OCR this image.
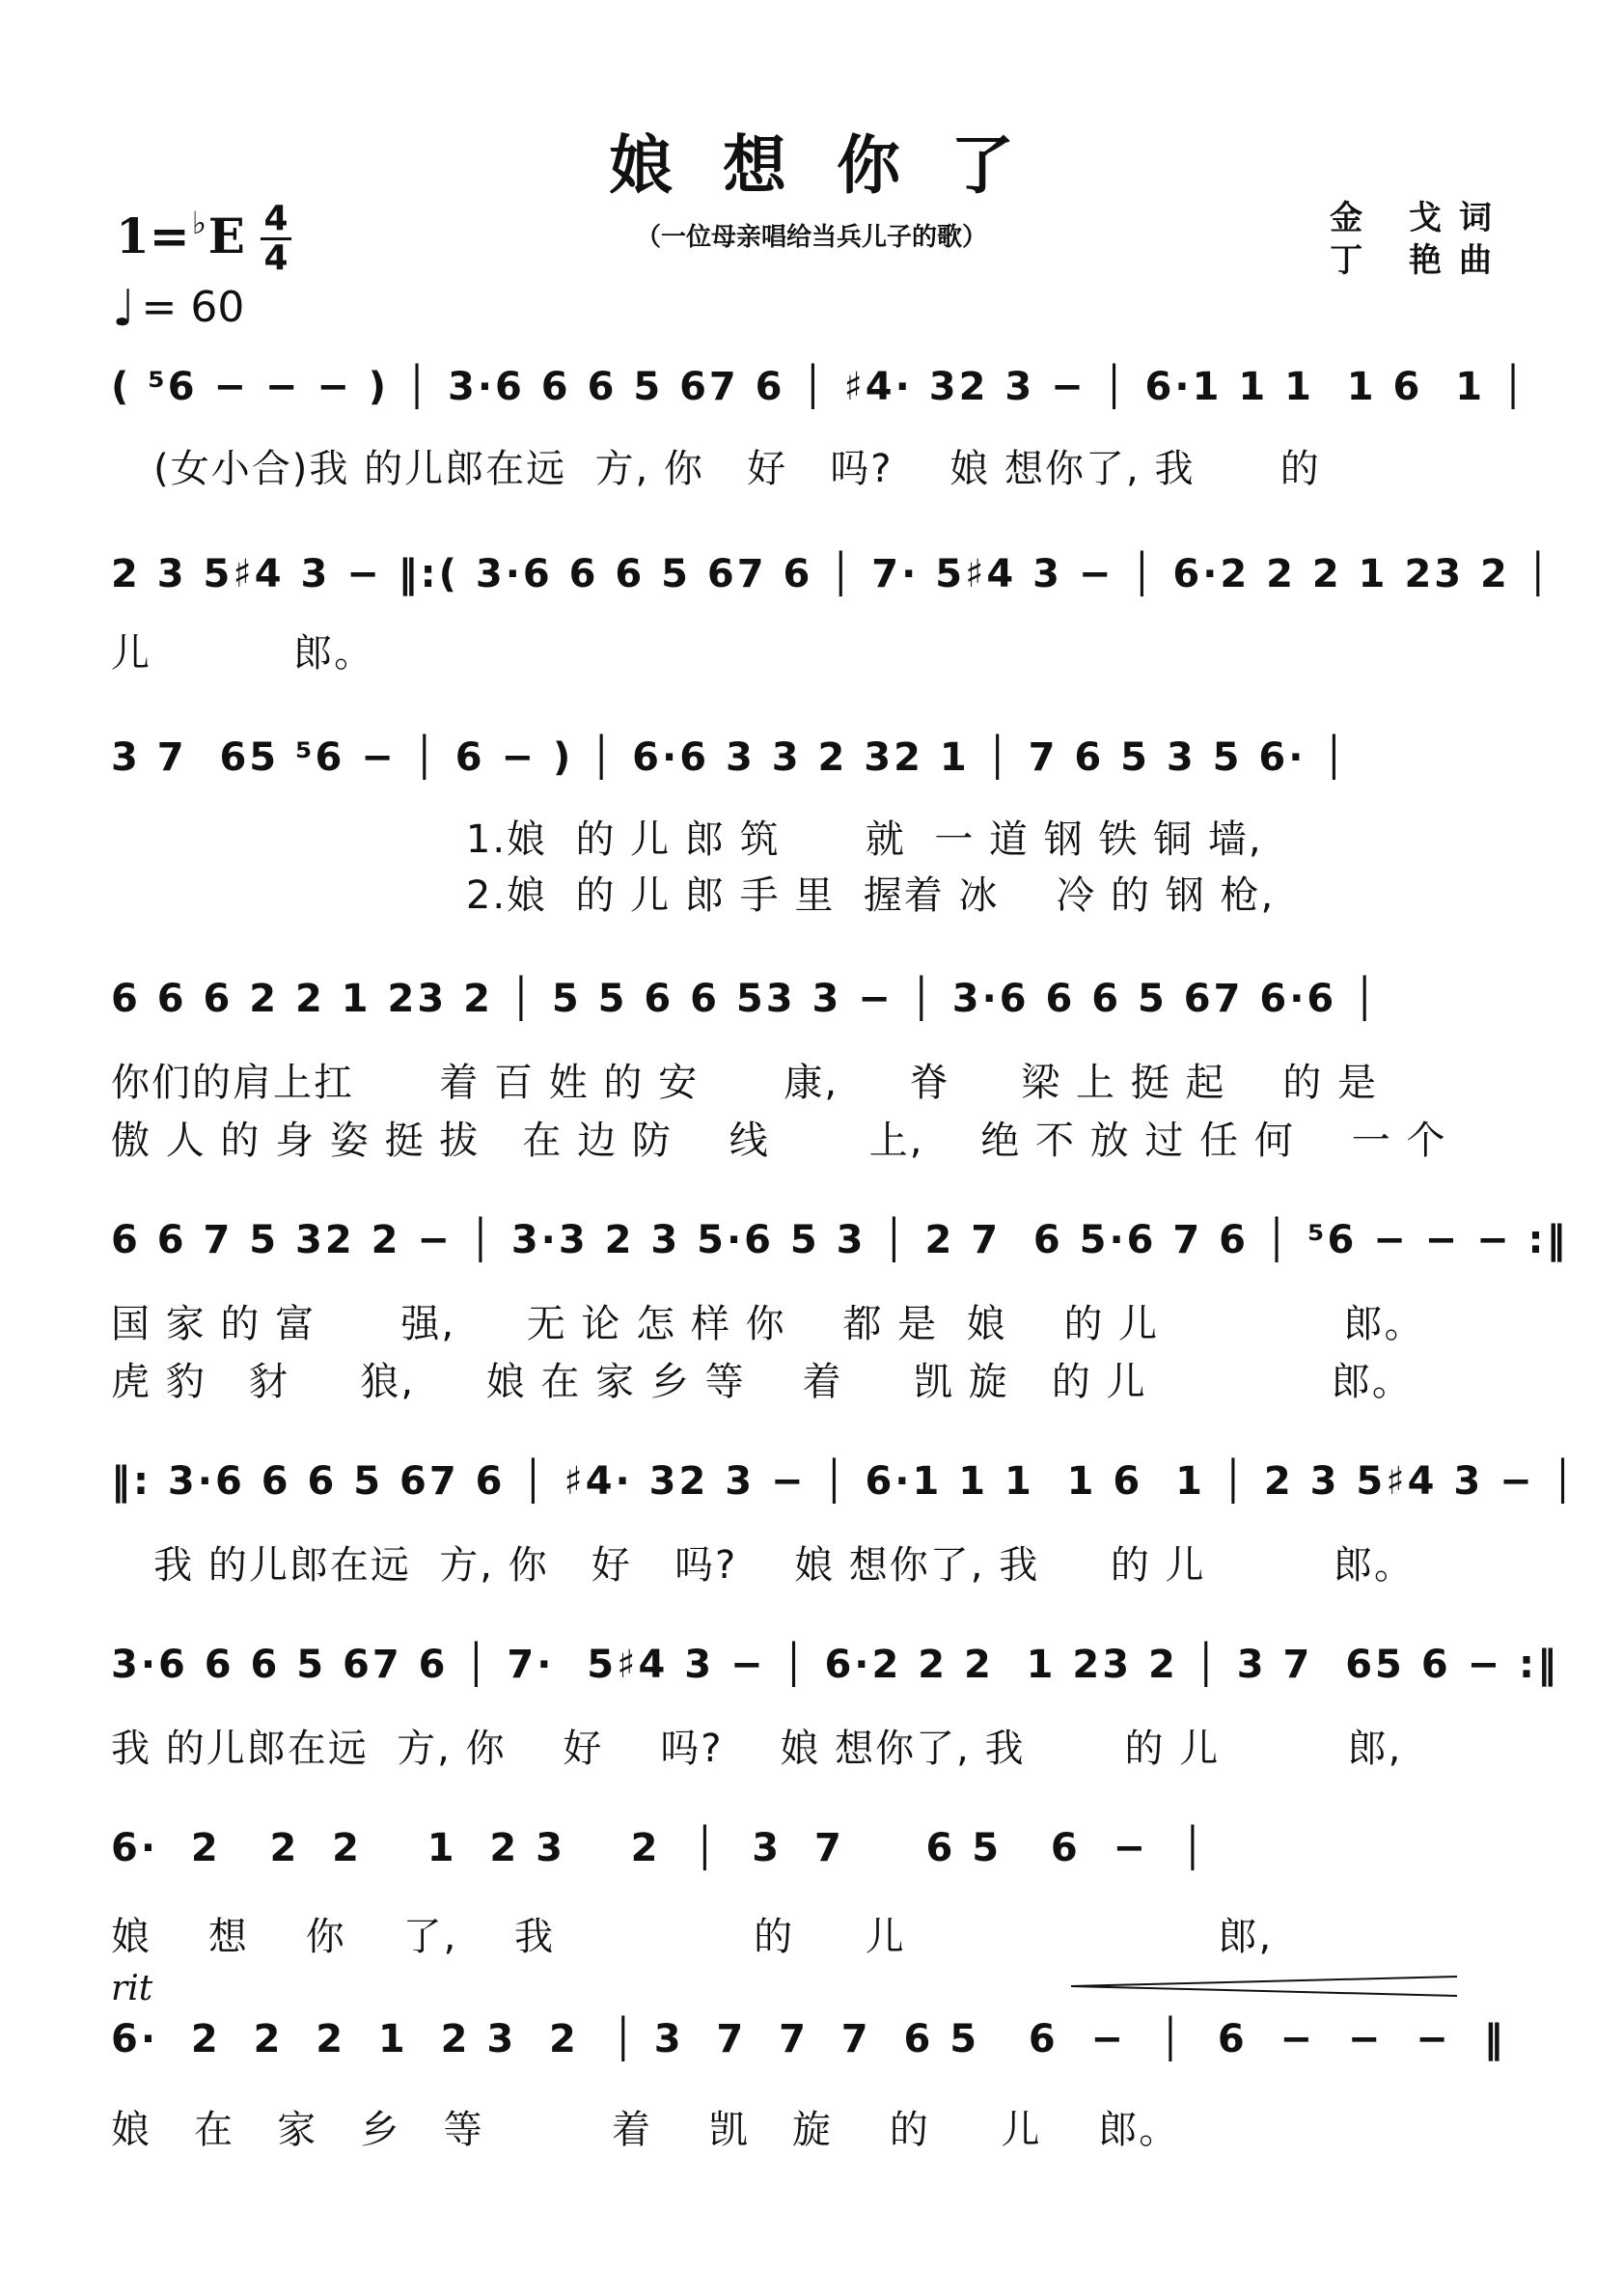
娘想你了
（一位母亲唱给当兵儿子的歌）	金 戈词
丁 艳曲
1=♭E 4
4
♩ = 60
( ⁵6 − − − ) │ 3·6 6 6 5 67 6 │ ♯4· 32 3 − │ 6·1 1 1  1 6  1 │
(女小合)我 的儿郎在远  方, 你   好   吗?    娘 想你了, 我      的
2 3 5♯4 3 − ‖:( 3·6 6 6 5 67 6 │ 7· 5♯4 3 − │ 6·2 2 2 1 23 2 │
儿          郎。
3 7  65 ⁵6 − │ 6 − ) │ 6·6 3 3 2 32 1 │ 7 6 5 3 5 6· │
1.娘  的 儿 郎 筑      就  一 道 钢 铁 铜 墙,
2.娘  的 儿 郎 手 里  握着 冰    冷 的 钢 枪,
6 6 6 2 2 1 23 2 │ 5 5 6 6 53 3 − │ 3·6 6 6 5 67 6·6 │
你们的肩上扛      着 百 姓 的 安      康,     脊     梁 上 挺 起    的 是
傲 人 的 身 姿 挺 拔   在 边 防    线       上,    绝 不 放 过 任 何    一 个
6 6 7 5 32 2 − │ 3·3 2 3 5·6 5 3 │ 2 7  6 5·6 7 6 │ ⁵6 − − − :‖
国 家 的 富      强,     无 论 怎 样 你    都 是  娘    的 儿             郎。
虎 豹   豺     狼,     娘 在 家 乡 等    着     凯 旋   的 儿             郎。
‖: 3·6 6 6 5 67 6 │ ♯4· 32 3 − │ 6·1 1 1  1 6  1 │ 2 3 5♯4 3 − │
我 的儿郎在远  方, 你   好   吗?    娘 想你了, 我     的 儿         郎。
3·6 6 6 5 67 6 │ 7·  5♯4 3 − │ 6·2 2 2  1 23 2 │ 3 7  65 6 − :‖
我 的儿郎在远  方, 你    好    吗?    娘 想你了, 我       的 儿         郎,
6·  2   2  2    1  2 3    2  │  3  7     6 5   6  −  │
娘    想    你    了,    我              的     儿                      郎,
rit
6·  2  2  2  1  2 3  2  │ 3  7  7  7  6 5   6  −  │  6  −  −  −  ‖
娘   在   家   乡   等         着    凯   旋    的     儿    郎。
